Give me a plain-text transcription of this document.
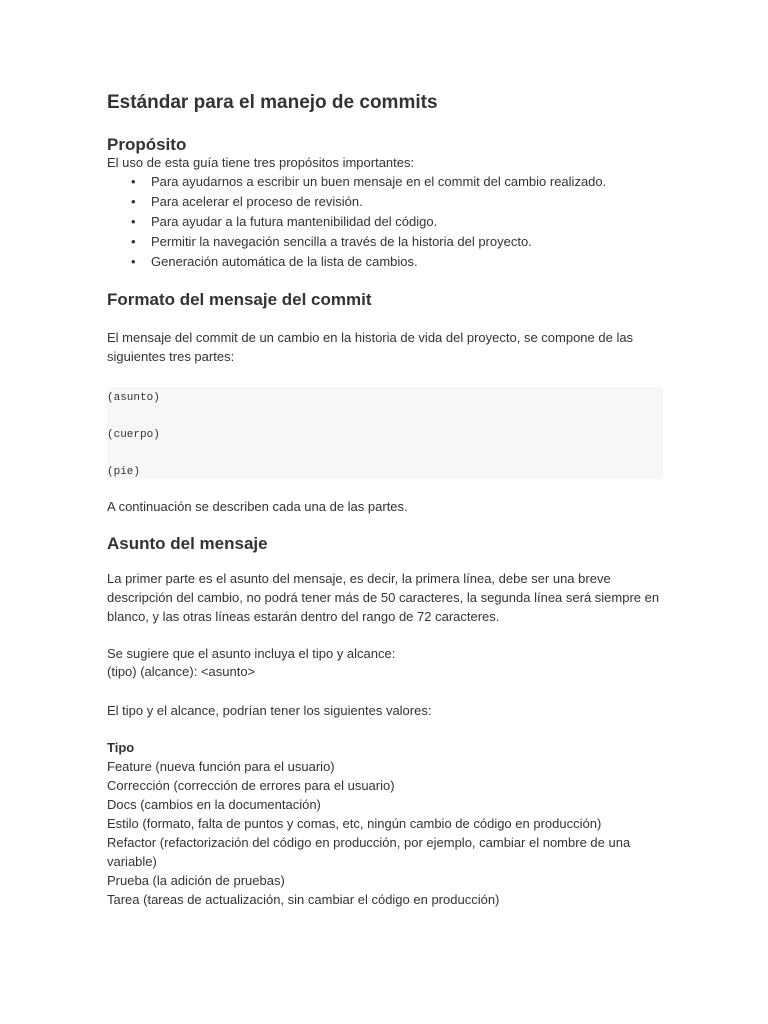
Estándar para el manejo de commits
Propósito

El uso de esta guía tiene tres propósitos importantes:

• Para ayudarnos a escribir un buen mensaje en el commit del cambio realizado.
• Para acelerar el proceso de revisión.
• Para ayudar a la futura mantenibilidad del código.
• Permitir la navegación sencilla a través de la historia del proyecto.
• Generación automática de la lista de cambios.
Formato del mensaje del commit

El mensaje del commit de un cambio en la historia de vida del proyecto, se compone de las siguientes tres partes:

(asunto)
(cuerpo)
(pie)

A continuación se describen cada una de las partes.

Asunto del mensaje

La primer parte es el asunto del mensaje, es decir, la primera línea, debe ser una breve descripción del cambio, no podrá tener más de 50 caracteres, la segunda línea será siempre en blanco, y las otras líneas estarán dentro del rango de 72 caracteres.

Se sugiere que el asunto incluya el tipo y alcance:

(tipo) (alcance): <asunto>

El tipo y el alcance, podrían tener los siguientes valores:

Tipo
Feature (nueva función para el usuario)
Corrección (corrección de errores para el usuario)
Docs (cambios en la documentación)
Estilo (formato, falta de puntos y comas, etc, ningún cambio de código en producción)
Refactor (refactorización del código en producción, por ejemplo, cambiar el nombre de una
variable)
Prueba (la adición de pruebas)
Tarea (tareas de actualización, sin cambiar el código en producción)
